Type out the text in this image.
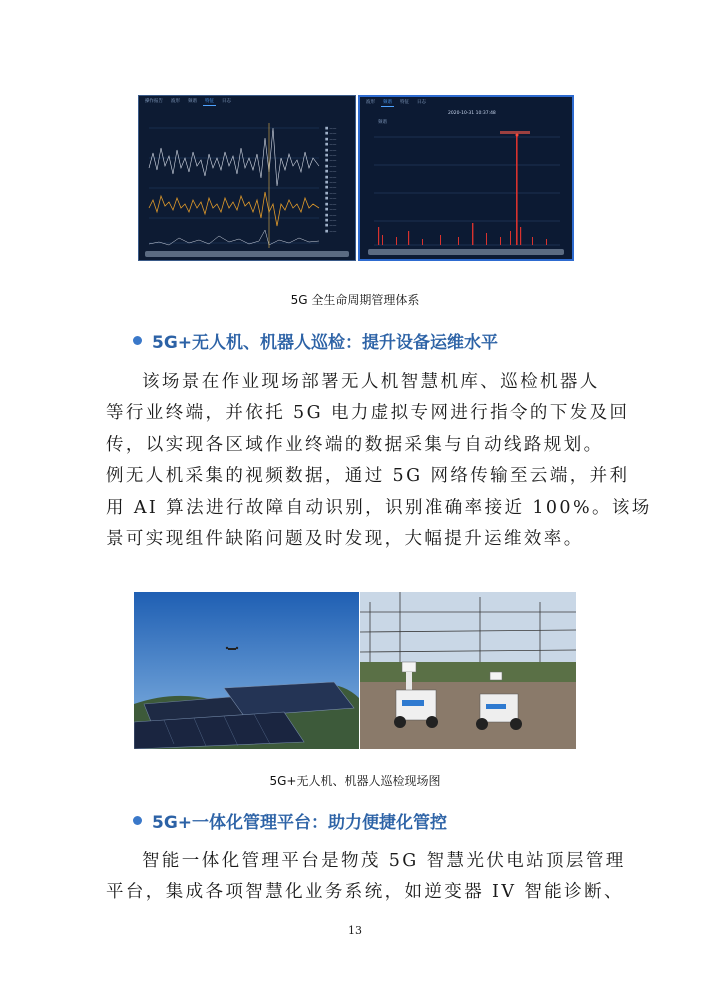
操作报告	波形	频谱	特征	日志
■ ——
■ ——
■ ——
■ ——
■ ——
■ ——
■ ——
■ ——
■ ——
■ ——
■ ——
■ ——
■ ——
■ ——
■ ——
■ ——
■ ——
■ ——
■ ——
■ ——
波形	频谱	特征	日志
2020-10-31 10:37:48
频谱
5G 全生命周期管理体系
5G+无人机、机器人巡检：提升设备运维水平
该场景在作业现场部署无人机智慧机库、巡检机器人
等行业终端，并依托 5G 电力虚拟专网进行指令的下发及回
传，以实现各区域作业终端的数据采集与自动线路规划。
例无人机采集的视频数据，通过 5G 网络传输至云端，并利
用 AI 算法进行故障自动识别，识别准确率接近 100%。该场
景可实现组件缺陷问题及时发现，大幅提升运维效率。
5G+无人机、机器人巡检现场图
5G+一体化管理平台：助力便捷化管控
智能一体化管理平台是物茂 5G 智慧光伏电站顶层管理
平台，集成各项智慧化业务系统，如逆变器 IV 智能诊断、
13
